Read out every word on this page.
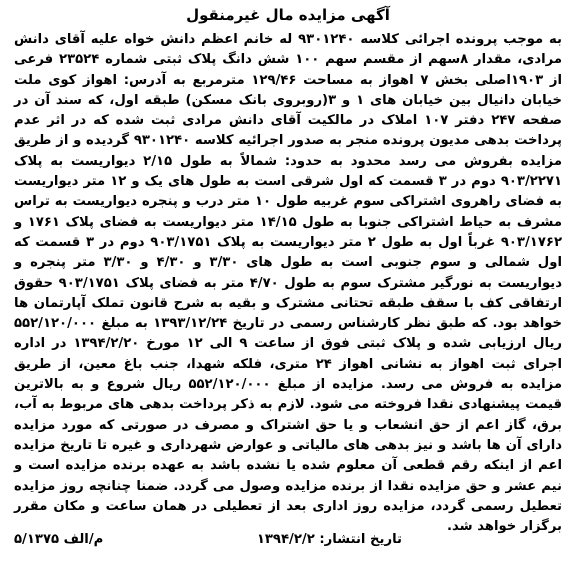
آگهی مزایده مال غیرمنقول

به موجب پرونده اجرائی کلاسه ۹۳۰۱۲۴۰ له خانم اعظم دانش خواه علیه آقای دانش مرادی، مقدار ۸سهم از مقسم سهم ۱۰۰ شش دانگ پلاک ثبتی شماره ۲۳۵۲۴ فرعی از ۱۹۰۳اصلی بخش ۷ اهواز به مساحت ۱۲۹/۴۶ مترمربع به آدرس: اهواز کوی ملت خیابان دانیال بین خیابان های ۱ و ۳(روبروی بانک مسکن) طبقه اول، که سند آن در صفحه ۲۴۷ دفتر ۱۰۷ املاک در مالکیت آقای دانش مرادی ثبت شده که در اثر عدم پرداخت بدهی مدیون پرونده منجر به صدور اجرائیه کلاسه ۹۳۰۱۲۴۰ گردیده و از طریق مزایده بفروش می رسد محدود به حدود: شمالاً به طول ۲/۱۵ دیواریست به پلاک ۹۰۳/۲۲۷۱ دوم در ۳ قسمت که اول شرقی است به طول های یک و ۱۲ متر دیواریست به فضای راهروی اشتراکی سوم غربیه طول ۱۰ متر درب و پنجره دیواریست به تراس مشرف به حیاط اشتراکی جنوبا به طول ۱۴/۱۵ متر دیواریست به فضای پلاک ۱۷۶۱ و ۹۰۳/۱۷۶۲ غرباً اول به طول ۲ متر دیواریست به پلاک ۹۰۳/۱۷۵۱ دوم در ۳ قسمت که اول شمالی و سوم جنوبی است به طول های ۳/۳۰ و ۴/۳۰ و ۳/۳۰ متر پنجره و دیواریست به نورگیر مشترک سوم به طول ۴/۷۰ متر به فضای پلاک ۹۰۳/۱۷۵۱ حقوق ارتفاقی کف با سقف طبقه تحتانی مشترک و بقیه به شرح قانون تملک آپارتمان ها خواهد بود. که طبق نظر کارشناس رسمی در تاریخ ۱۳۹۳/۱۲/۲۴ به مبلغ ۵۵۲/۱۲۰/۰۰۰ ریال ارزیابی شده و پلاک ثبتی فوق از ساعت ۹ الی ۱۲ مورخ ۱۳۹۴/۲/۲۰ در اداره اجرای ثبت اهواز به نشانی اهواز ۲۴ متری، فلکه شهدا، جنب باغ معین، از طریق مزایده به فروش می رسد. مزایده از مبلغ ۵۵۲/۱۲۰/۰۰۰ ریال شروع و به بالاترین قیمت پیشنهادی نقدا فروخته می شود. لازم به ذکر پرداخت بدهی های مربوط به آب، برق، گاز اعم از حق انشعاب و یا حق اشتراک و مصرف در صورتی که مورد مزایده دارای آن ها باشد و نیز بدهی های مالیاتی و عوارض شهرداری و غیره تا تاریخ مزایده اعم از اینکه رقم قطعی آن معلوم شده یا نشده باشد به عهده برنده مزایده است و نیم عشر و حق مزایده نقدا از برنده مزایده وصول می گردد. ضمنا چنانچه روز مزایده تعطیل رسمی گردد، مزایده روز اداری بعد از تعطیلی در همان ساعت و مکان مقرر برگزار خواهد شد.

تاریخ انتشار: ۱۳۹۴/۲/۲
م/الف ۵/۱۳۷۵
